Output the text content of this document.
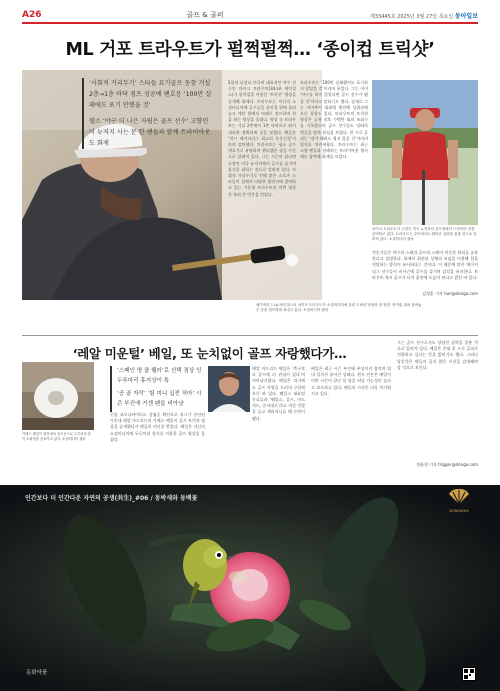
A26	골프 & 골퍼	제33445호 2025년 3월 27일 목요일 동아일보
ML 거포 트라우트가 펄쩍펄쩍… ‘종이컵 트릭샷’

‘사회적 거리두기’ 스타들 묘기골프 동참 거실 2층→1층 바닥 점프 성공에 팬호응 ‘100만 실패에도 포기 안했을 것’

웹소 ‘야구 더 나은 자립은 골프 선수’ 고향인 미 뉴저지 사는 분 한 팬들과 함께 트라이아웃도 화제

2할의 나선다 미국의 대표적인 야구 선수인 마이크 트라우트(34·LA 에인절스)가 종이컵을 이용한 ‘트릭샷’ 영상을 공개해 화제다. 트라우트는 자신의 소셜미디어에 골프공을 종이컵 위에 올려놓고 계단 위에서 아래로 점프하며 샷을 하는 영상을 올렸다. 영상 속 트라우트는 거실 2층에서 1층 바닥으로 뛰어내리며 정확하게 공을 맞혔다. 팬들은 ‘역시 메이저리그 최고의 운동신경’이라며 감탄했다. 트라우트는 평소 골프 애호가로 유명하며 핸디캡은 싱글 수준으로 알려져 있다. 그는 시즌이 끝나면 고향인 미국 뉴저지에서 골프를 즐기며 휴식을 취하는 것으로 알려져 있다. 사회적 거리두기로 인해 많은 스포츠 스타들이 집에서 다양한 챌린지에 참여하고 있는 가운데 트라우트의 이번 영상은 특히 큰 반응을 얻었다.
트라우트는 ‘100번 실패했어도 포기하지 않았을 것’이라며 웃었다. 그는 이어 ‘야구를 하지 않았다면 골프 선수가 됐을 것’이라고 말하기도 했다. 실제로 그는 아마추어 대회에 출전해 상위권에 오른 경험도 있다. 트라우트의 트릭샷 영상은 공개 직후 수백만 회의 조회수를 기록했으며 골프 선수들도 잇따라 댓글을 달며 관심을 보였다. 한 프로 골퍼는 ‘내가 해봐도 쉽지 않을 것’이라며 엄지를 치켜세웠다. 트라우트는 최근 고향 팬들과 함께하는 트라이아웃 행사에도 참여해 화제를 모았다.
마이크 트라우트가 고향인 미국 뉴저지의 골프장에서 드라이버 샷을 준비하고 있다. 트라우트는 골프에서도 뛰어난 실력을 갖춘 것으로 알려져 있다. 소셜미디어 캡처
전문가들은 야구의 스윙과 골프의 스윙이 비슷한 원리를 공유한다고 설명한다. 하체의 회전과 상체의 꼬임을 이용해 힘을 전달하는 방식이 유사하다는 것이다. 이 때문에 많은 메이저리그 선수들이 비시즌에 골프를 즐기며 감각을 유지한다. 트라우트 역시 골프가 타격 훈련에 도움이 된다고 밝힌 바 있다.
김정훈 기자 hun@donga.com
메이저리그 LA 에인절스의 마이크 트라우트가 소셜미디어에 올린 트릭샷 영상의 한 장면. 종이컵 위에 올려놓은 공을 점프하며 쳐내고 있다. 소셜미디어 캡처
‘레알 미운털’ 베일, 또 눈치없이 골프 자랑했다가…
가레스 베일이 집안에서 골프공으로 두루마리 휴지 트릭샷을 선보이고 있다. 소셜미디어 캡처

‘스페인 명 클 웰러’로 선택 점상 잉 두루마리 휴지상이 톡

‘공 골 자작’ ‘팀 미니 십전 처마’ 시즌 부진에 거센 팬들 비아냥

신종 코로나바이러스 감염증 확산으로 리그가 중단된 가운데 레알 마드리드의 가레스 베일이 골프 트릭샷 영상을 공개했다가 팬들의 비난을 받았다. 베일은 자신의 소셜미디어에 두루마리 휴지를 이용한 골프 영상을 올렸다.
레알 마드리드 팬들은 ‘축구보다 골프에 더 관심이 있다’며 비아냥거렸다. 베일은 과거에도 골프 사랑을 드러내 구설에 오른 바 있다. 웨일스 대표팀 동료들과 ‘웨일스, 골프, 마드리드, 순서대로’라고 적힌 깃발을 들고 세리머니를 해 논란이 됐다.
베일은 최근 시즌 부진에 부상까지 겹치며 팀 내 입지가 좁아진 상태다. 현지 언론은 베일이 이번 시즌이 끝난 뒤 팀을 떠날 가능성이 높다고 보도하고 있다. 팬들의 시선은 더욱 차가워지고 있다.
그는 골프 선수로서도 상당한 실력을 갖춘 것으로 알려져 있다. 베일은 은퇴 후 프로 골퍼로 전향하고 싶다는 뜻을 밝히기도 했다. 그러나 당분간은 팬들의 곱지 않은 시선을 감내해야 할 것으로 보인다.
정윤철 기자 trigger@donga.com
인간보다 더 인간다운 자연의 공생(共生)_#06 / 동박새와 동백꽃
DONGWHA
동화약품
